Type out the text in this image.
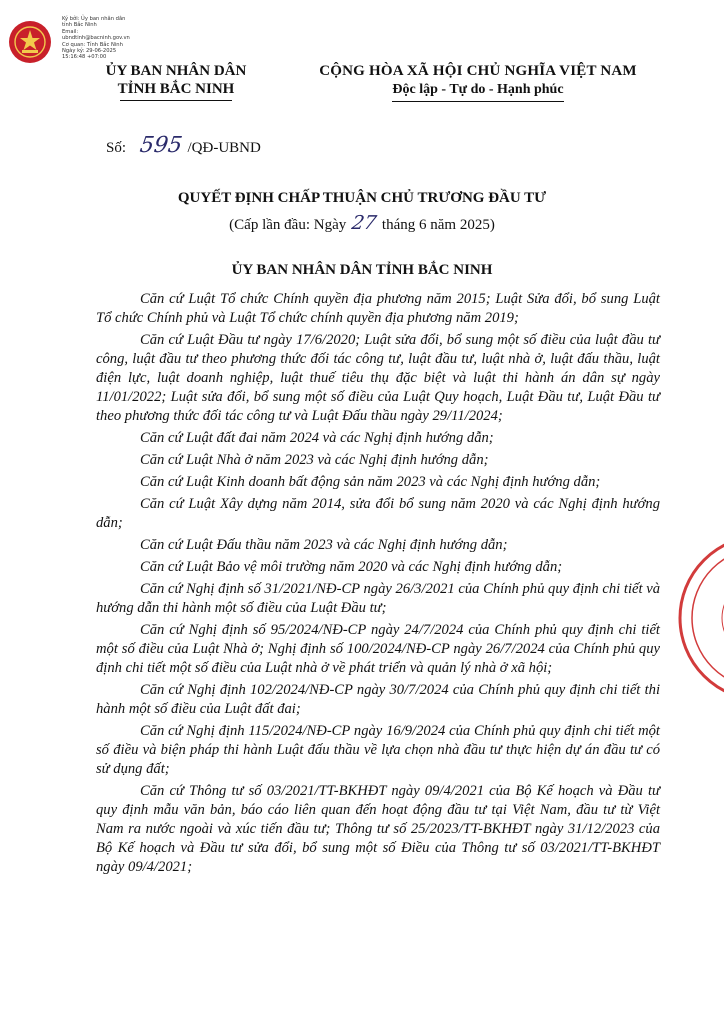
Ký bởi: Ủy ban nhân dân
tỉnh Bắc Ninh
Email:
ubndtinh@bacninh.gov.vn
Cơ quan: Tỉnh Bắc Ninh
Ngày ký: 29-06-2025
15:16:48 +07:00
ỦY BAN NHÂN DÂN
TỈNH BẮC NINH
CỘNG HÒA XÃ HỘI CHỦ NGHĨA VIỆT NAM
Độc lập - Tự do - Hạnh phúc
Số: 595 /QĐ-UBND
QUYẾT ĐỊNH CHẤP THUẬN CHỦ TRƯƠNG ĐẦU TƯ
(Cấp lần đầu: Ngày 27 tháng 6 năm 2025)
ỦY BAN NHÂN DÂN TỈNH BẮC NINH

Căn cứ Luật Tổ chức Chính quyền địa phương năm 2015; Luật Sửa đổi, bổ sung Luật Tổ chức Chính phủ và Luật Tổ chức chính quyền địa phương năm 2019;

Căn cứ Luật Đầu tư ngày 17/6/2020; Luật sửa đổi, bổ sung một số điều của luật đầu tư công, luật đầu tư theo phương thức đối tác công tư, luật đầu tư, luật nhà ở, luật đấu thầu, luật điện lực, luật doanh nghiệp, luật thuế tiêu thụ đặc biệt và luật thi hành án dân sự ngày 11/01/2022; Luật sửa đổi, bổ sung một số điều của Luật Quy hoạch, Luật Đầu tư, Luật Đầu tư theo phương thức đối tác công tư và Luật Đấu thầu ngày 29/11/2024;

Căn cứ Luật đất đai năm 2024 và các Nghị định hướng dẫn;

Căn cứ Luật Nhà ở năm 2023 và các Nghị định hướng dẫn;

Căn cứ Luật Kinh doanh bất động sản năm 2023 và các Nghị định hướng dẫn;

Căn cứ Luật Xây dựng năm 2014, sửa đổi bổ sung năm 2020 và các Nghị định hướng dẫn;

Căn cứ Luật Đấu thầu năm 2023 và các Nghị định hướng dẫn;

Căn cứ Luật Bảo vệ môi trường năm 2020 và các Nghị định hướng dẫn;

Căn cứ Nghị định số 31/2021/NĐ-CP ngày 26/3/2021 của Chính phủ quy định chi tiết và hướng dẫn thi hành một số điều của Luật Đầu tư;

Căn cứ Nghị định số 95/2024/NĐ-CP ngày 24/7/2024 của Chính phủ quy định chi tiết một số điều của Luật Nhà ở; Nghị định số 100/2024/NĐ-CP ngày 26/7/2024 của Chính phủ quy định chi tiết một số điều của Luật nhà ở về phát triển và quản lý nhà ở xã hội;

Căn cứ Nghị định 102/2024/NĐ-CP ngày 30/7/2024 của Chính phủ quy định chi tiết thi hành một số điều của Luật đất đai;

Căn cứ Nghị định 115/2024/NĐ-CP ngày 16/9/2024 của Chính phủ quy định chi tiết một số điều và biện pháp thi hành Luật đấu thầu về lựa chọn nhà đầu tư thực hiện dự án đầu tư có sử dụng đất;

Căn cứ Thông tư số 03/2021/TT-BKHĐT ngày 09/4/2021 của Bộ Kế hoạch và Đầu tư quy định mẫu văn bản, báo cáo liên quan đến hoạt động đầu tư tại Việt Nam, đầu tư từ Việt Nam ra nước ngoài và xúc tiến đầu tư; Thông tư số 25/2023/TT-BKHĐT ngày 31/12/2023 của Bộ Kế hoạch và Đầu tư sửa đổi, bổ sung một số Điều của Thông tư số 03/2021/TT-BKHĐT ngày 09/4/2021;
